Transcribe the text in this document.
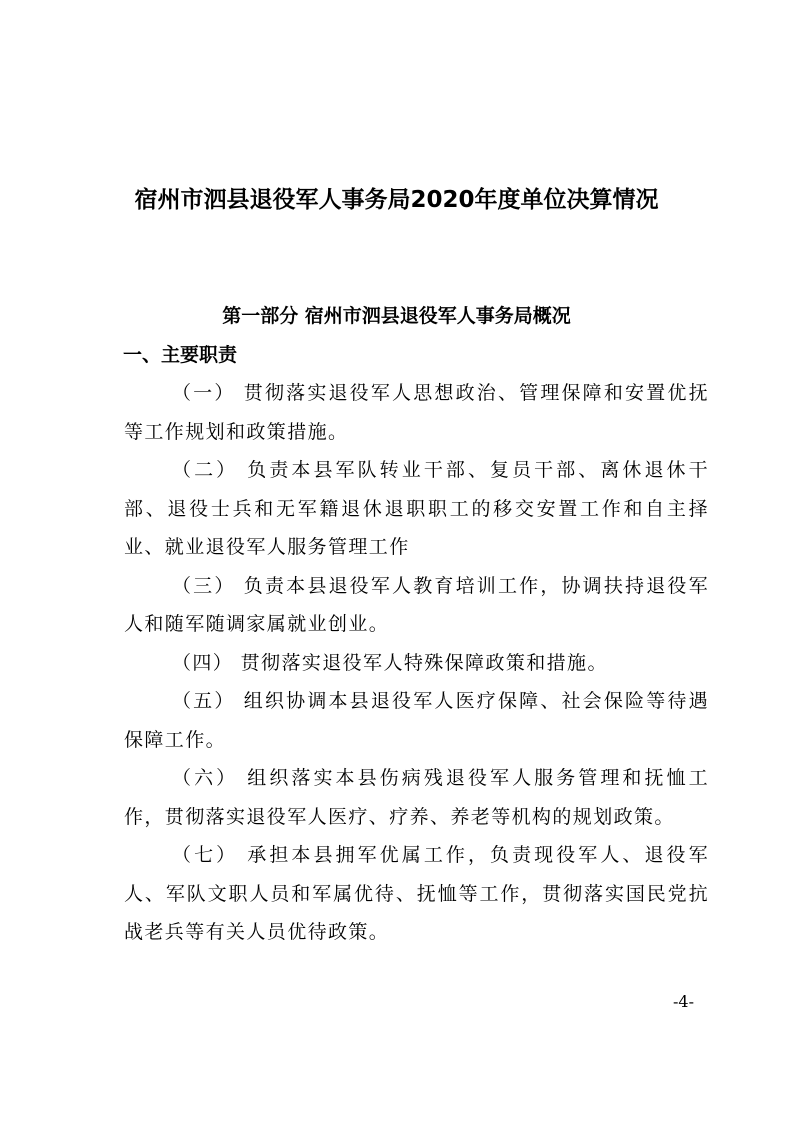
宿州市泗县退役军人事务局2020年度单位决算情况
第一部分 宿州市泗县退役军人事务局概况
一、主要职责

（一） 贯彻落实退役军人思想政治、管理保障和安置优抚等工作规划和政策措施。

（二） 负责本县军队转业干部、复员干部、离休退休干部、退役士兵和无军籍退休退职职工的移交安置工作和自主择业、就业退役军人服务管理工作

（三） 负责本县退役军人教育培训工作，协调扶持退役军人和随军随调家属就业创业。

（四） 贯彻落实退役军人特殊保障政策和措施。

（五） 组织协调本县退役军人医疗保障、社会保险等待遇保障工作。

（六） 组织落实本县伤病残退役军人服务管理和抚恤工作，贯彻落实退役军人医疗、疗养、养老等机构的规划政策。

（七） 承担本县拥军优属工作，负责现役军人、退役军人、军队文职人员和军属优待、抚恤等工作，贯彻落实国民党抗战老兵等有关人员优待政策。

-4-
